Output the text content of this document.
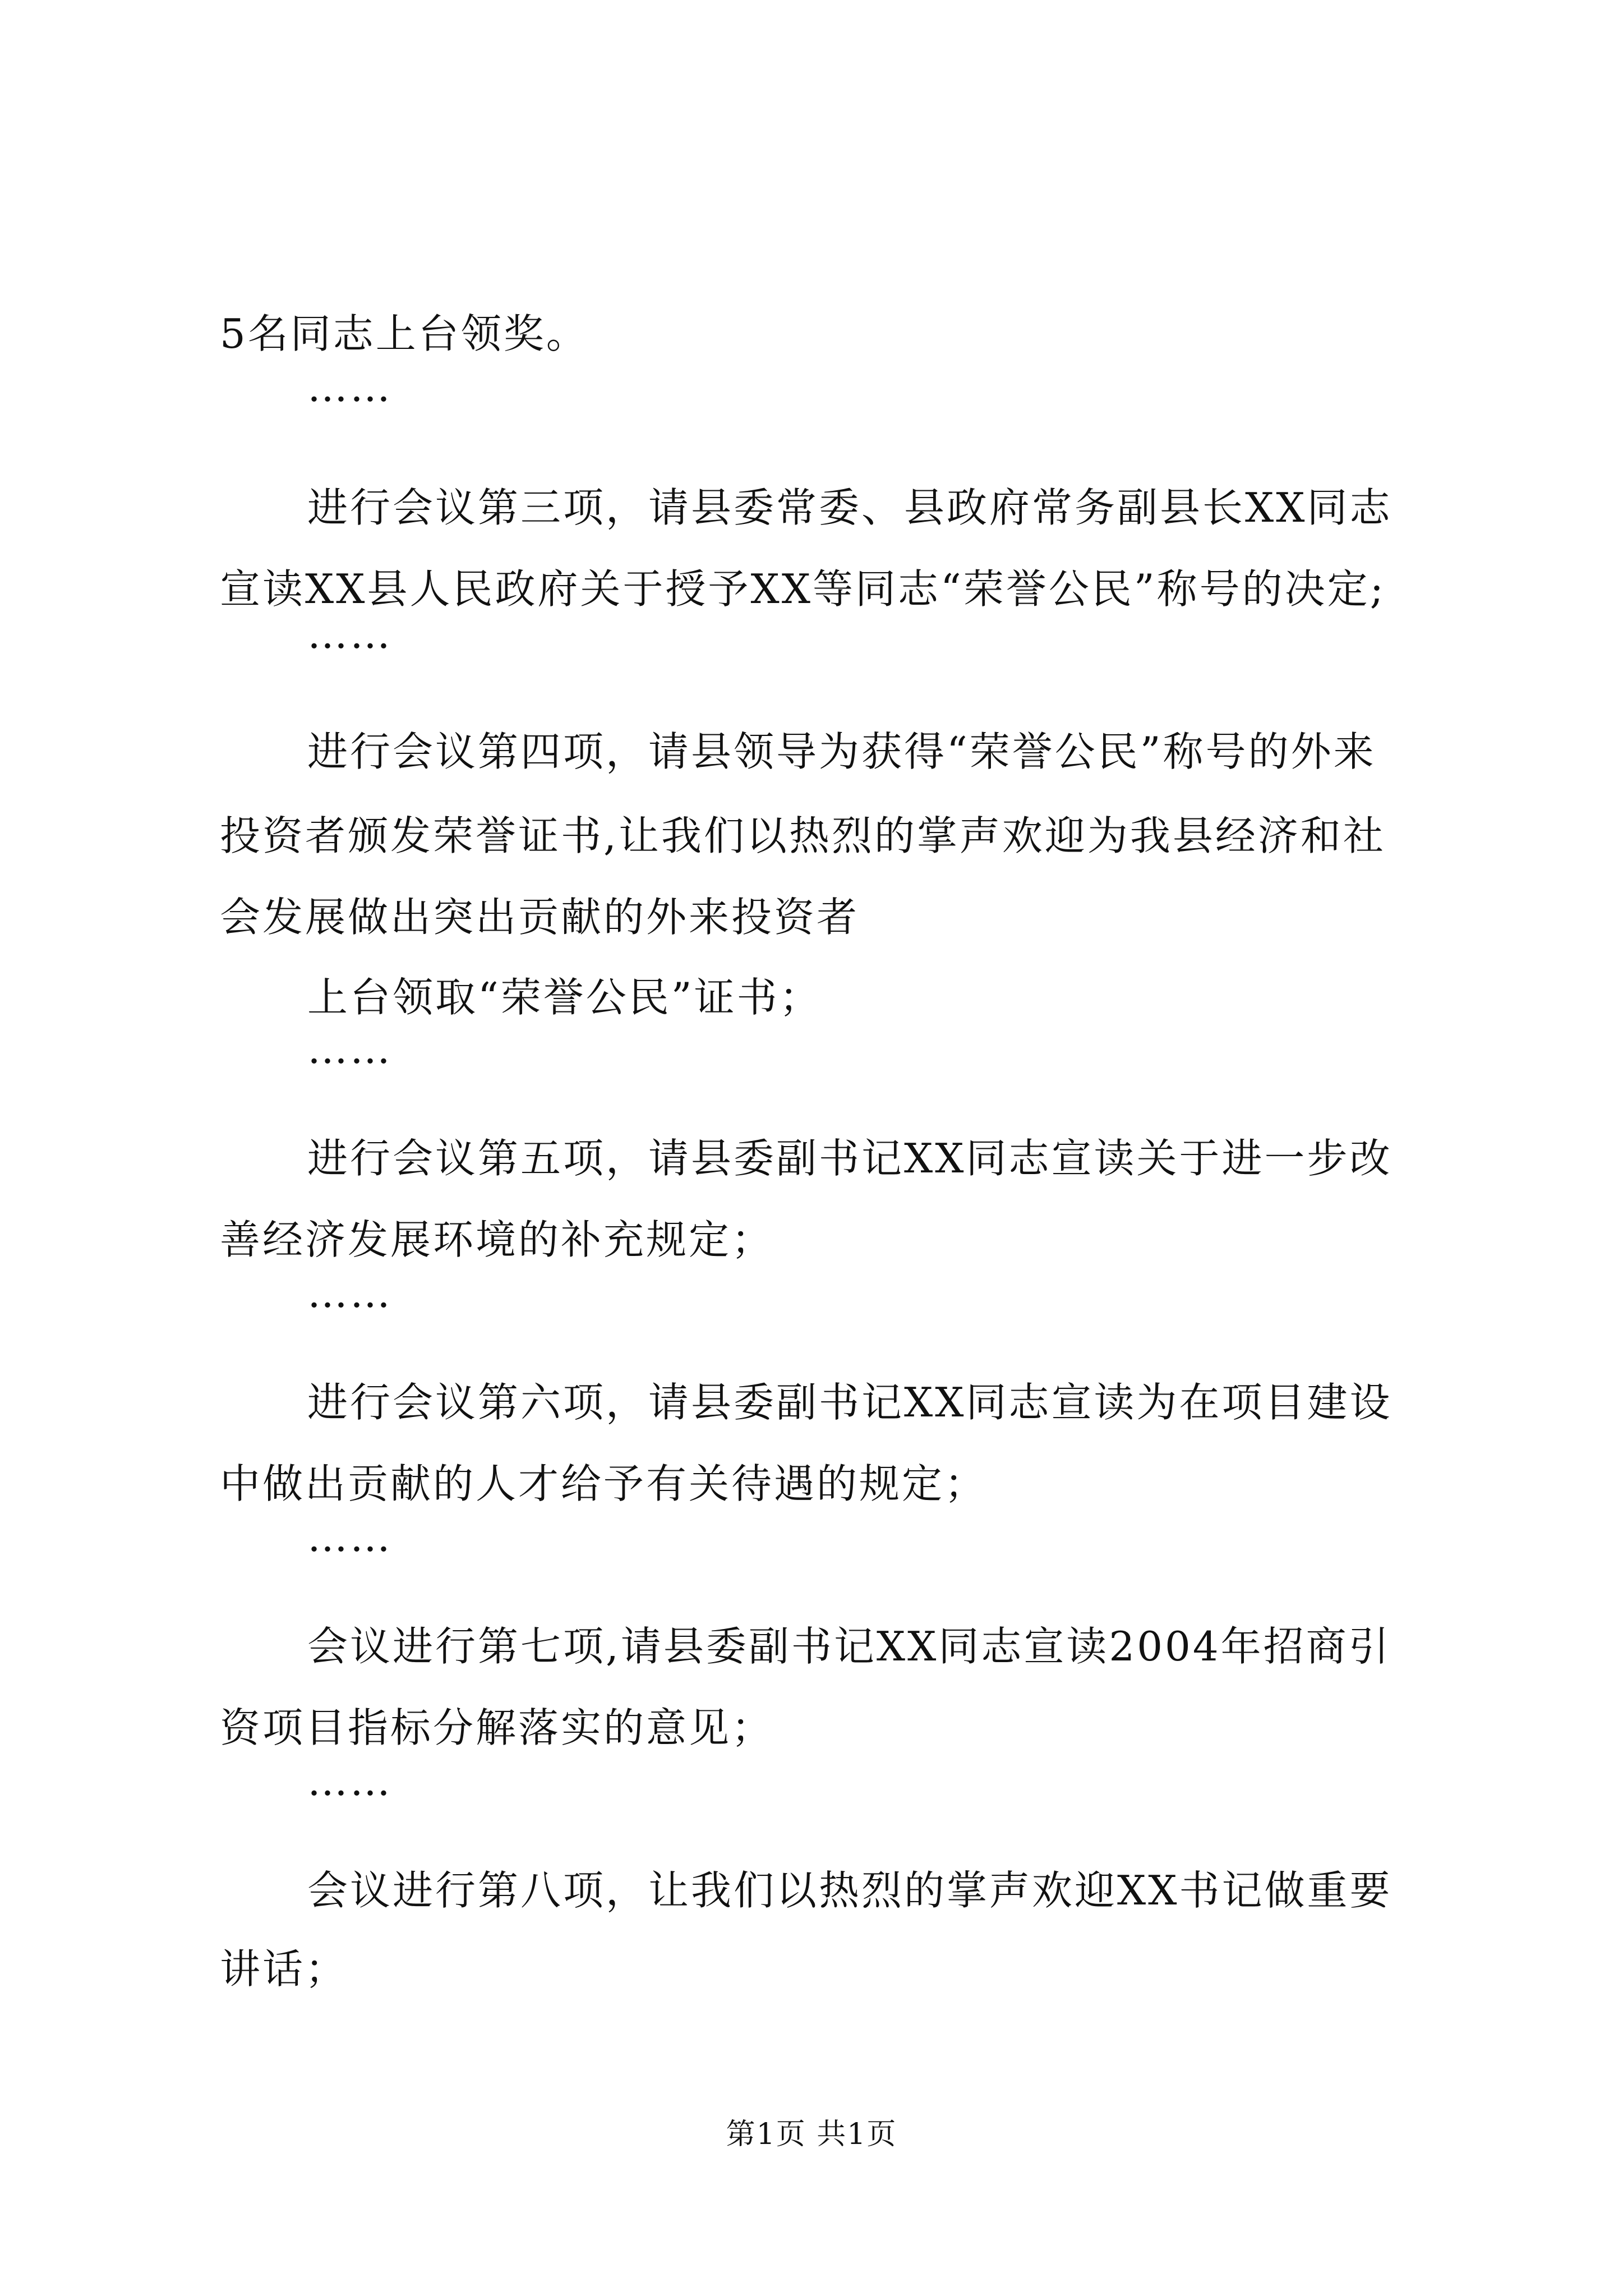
5名同志上台领奖。
……
进行会议第三项，请县委常委、县政府常务副县长XX同志
宣读XX县人民政府关于授予XX等同志“荣誉公民”称号的决定;
……
进行会议第四项，请县领导为获得“荣誉公民”称号的外来
投资者颁发荣誉证书,让我们以热烈的掌声欢迎为我县经济和社
会发展做出突出贡献的外来投资者
上台领取“荣誉公民”证书；
……
进行会议第五项，请县委副书记XX同志宣读关于进一步改
善经济发展环境的补充规定；
……
进行会议第六项，请县委副书记XX同志宣读为在项目建设
中做出贡献的人才给予有关待遇的规定；
……
会议进行第七项,请县委副书记XX同志宣读2004年招商引
资项目指标分解落实的意见；
……
会议进行第八项，让我们以热烈的掌声欢迎XX书记做重要
讲话；
第1页 共1页
